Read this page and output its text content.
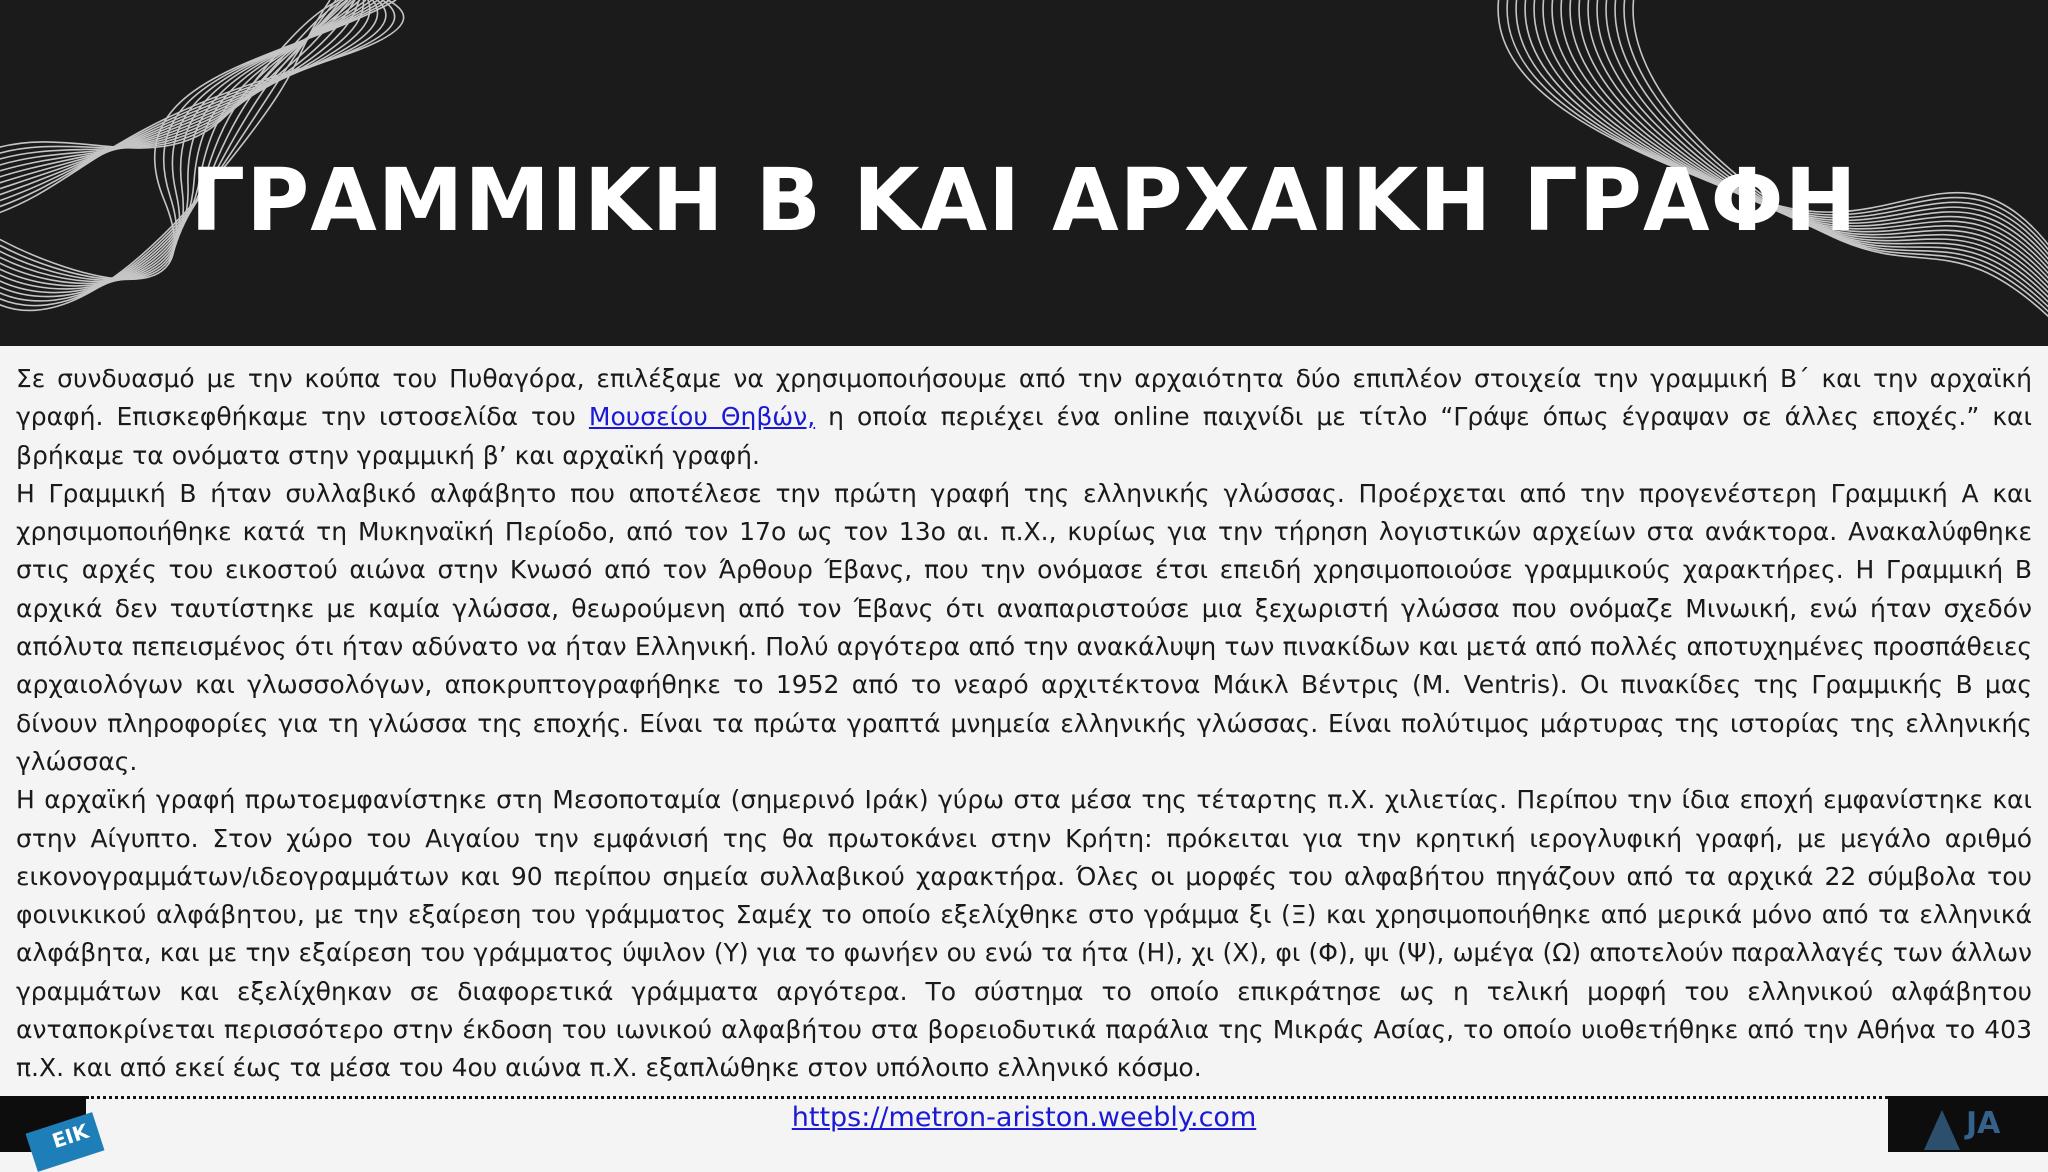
ΓΡΑΜΜΙΚΗ Β ΚΑΙ ΑΡΧΑΙΚΗ ΓΡΑΦΗ

Σε συνδυασμό με την κούπα του Πυθαγόρα, επιλέξαμε να χρησιμοποιήσουμε από την αρχαιότητα δύο επιπλέον στοιχεία την γραμμική Β΄ και την αρχαϊκή γραφή. Επισκεφθήκαμε την ιστοσελίδα του Μουσείου Θηβών, η οποία περιέχει ένα online παιχνίδι με τίτλο “Γράψε όπως έγραψαν σε άλλες εποχές.” και βρήκαμε τα ονόματα στην γραμμική β’ και αρχαϊκή γραφή.

Η Γραμμική Β ήταν συλλαβικό αλφάβητο που αποτέλεσε την πρώτη γραφή της ελληνικής γλώσσας. Προέρχεται από την προγενέστερη Γραμμική Α και χρησιμοποιήθηκε κατά τη Μυκηναϊκή Περίοδο, από τον 17ο ως τον 13ο αι. π.Χ., κυρίως για την τήρηση λογιστικών αρχείων στα ανάκτορα. Ανακαλύφθηκε στις αρχές του εικοστού αιώνα στην Κνωσό από τον Άρθουρ Έβανς, που την ονόμασε έτσι επειδή χρησιμοποιούσε γραμμικούς χαρακτήρες. Η Γραμμική Β αρχικά δεν ταυτίστηκε με καμία γλώσσα, θεωρούμενη από τον Έβανς ότι αναπαριστούσε μια ξεχωριστή γλώσσα που ονόμαζε Μινωική, ενώ ήταν σχεδόν απόλυτα πεπεισμένος ότι ήταν αδύνατο να ήταν Ελληνική. Πολύ αργότερα από την ανακάλυψη των πινακίδων και μετά από πολλές αποτυχημένες προσπάθειες αρχαιολόγων και γλωσσολόγων, αποκρυπτογραφήθηκε το 1952 από το νεαρό αρχιτέκτονα Μάικλ Βέντρις (M. Ventris). Οι πινακίδες της Γραμμικής Β μας δίνουν πληροφορίες για τη γλώσσα της εποχής. Είναι τα πρώτα γραπτά μνημεία ελληνικής γλώσσας. Είναι πολύτιμος μάρτυρας της ιστορίας της ελληνικής γλώσσας.

Η αρχαϊκή γραφή πρωτοεμφανίστηκε στη Μεσοποταμία (σημερινό Ιράκ) γύρω στα μέσα της τέταρτης π.Χ. χιλιετίας. Περίπου την ίδια εποχή εμφανίστηκε και στην Αίγυπτο. Στον χώρο του Αιγαίου την εμφάνισή της θα πρωτοκάνει στην Κρήτη: πρόκειται για την κρητική ιερογλυφική γραφή, με μεγάλο αριθμό εικονογραμμάτων/ιδεογραμμάτων και 90 περίπου σημεία συλλαβικού χαρακτήρα. Όλες οι μορφές του αλφαβήτου πηγάζουν από τα αρχικά 22 σύμβολα του φοινικικού αλφάβητου, με την εξαίρεση του γράμματος Σαμέχ το οποίο εξελίχθηκε στο γράμμα ξι (Ξ) και χρησιμοποιήθηκε από μερικά μόνο από τα ελληνικά αλφάβητα, και με την εξαίρεση του γράμματος ύψιλον (Υ) για το φωνήεν ου ενώ τα ήτα (Η), χι (Χ), φι (Φ), ψι (Ψ), ωμέγα (Ω) αποτελούν παραλλαγές των άλλων γραμμάτων και εξελίχθηκαν σε διαφορετικά γράμματα αργότερα. Το σύστημα το οποίο επικράτησε ως η τελική μορφή του ελληνικού αλφάβητου ανταποκρίνεται περισσότερο στην έκδοση του ιωνικού αλφαβήτου στα βορειοδυτικά παράλια της Μικράς Ασίας, το οποίο υιοθετήθηκε από την Αθήνα το 403 π.Χ. και από εκεί έως τα μέσα του 4ου αιώνα π.Χ. εξαπλώθηκε στον υπόλοιπο ελληνικό κόσμο.

https://metron-ariston.weebly.com
ΕΙΚ	JA
